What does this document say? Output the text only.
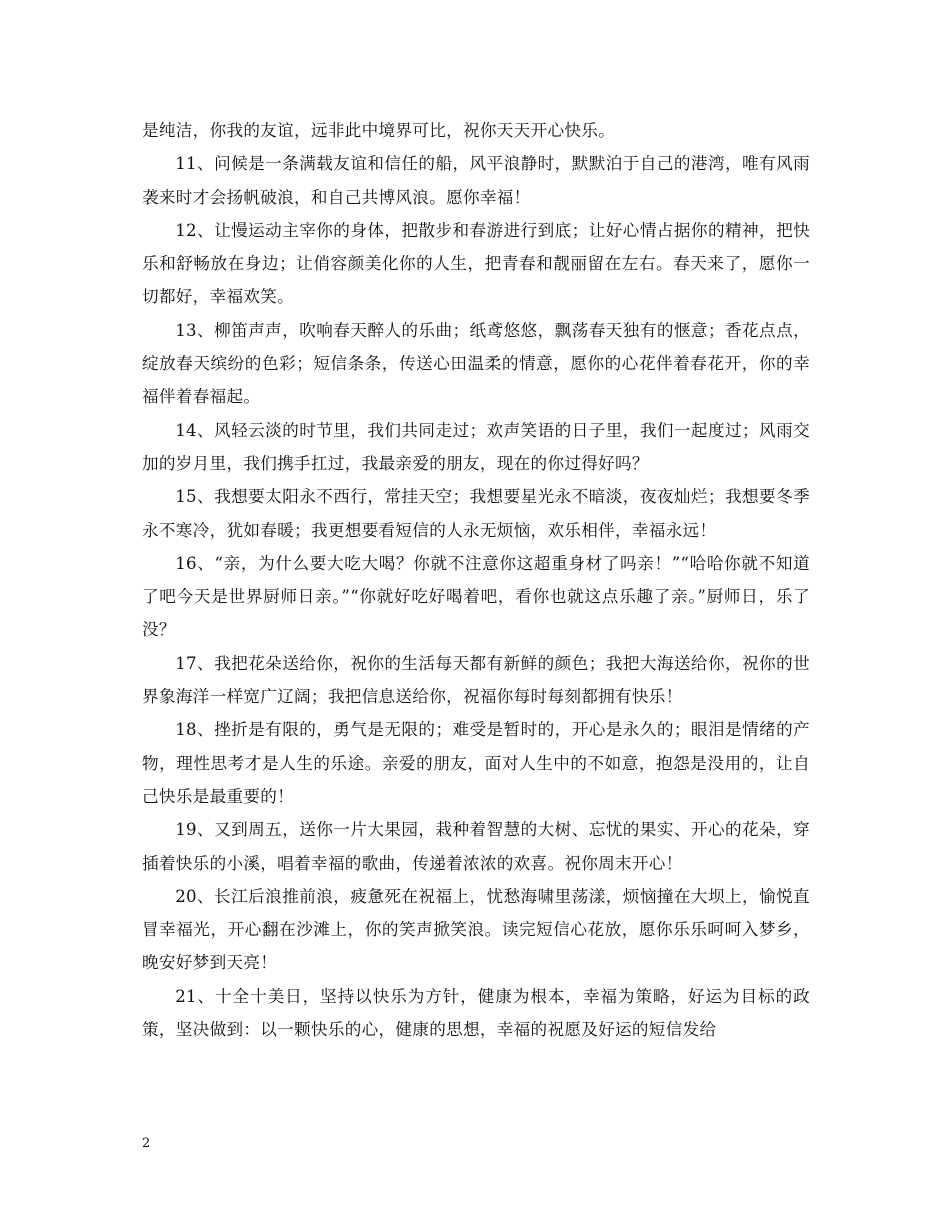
是纯洁，你我的友谊，远非此中境界可比，祝你天天开心快乐。

11、问候是一条满载友谊和信任的船，风平浪静时，默默泊于自己的港湾，唯有风雨袭来时才会扬帆破浪，和自己共博风浪。愿你幸福！

12、让慢运动主宰你的身体，把散步和春游进行到底；让好心情占据你的精神，把快乐和舒畅放在身边；让俏容颜美化你的人生，把青春和靓丽留在左右。春天来了，愿你一切都好，幸福欢笑。

13、柳笛声声，吹响春天醉人的乐曲；纸鸢悠悠，飘荡春天独有的惬意；香花点点，绽放春天缤纷的色彩；短信条条，传送心田温柔的情意，愿你的心花伴着春花开，你的幸福伴着春福起。

14、风轻云淡的时节里，我们共同走过；欢声笑语的日子里，我们一起度过；风雨交加的岁月里，我们携手扛过，我最亲爱的朋友，现在的你过得好吗？

15、我想要太阳永不西行，常挂天空；我想要星光永不暗淡，夜夜灿烂；我想要冬季永不寒冷，犹如春暖；我更想要看短信的人永无烦恼，欢乐相伴，幸福永远！

16、“亲，为什么要大吃大喝？你就不注意你这超重身材了吗亲！”“哈哈你就不知道了吧今天是世界厨师日亲。”“你就好吃好喝着吧，看你也就这点乐趣了亲。”厨师日，乐了没？

17、我把花朵送给你，祝你的生活每天都有新鲜的颜色；我把大海送给你，祝你的世界象海洋一样宽广辽阔；我把信息送给你，祝福你每时每刻都拥有快乐！

18、挫折是有限的，勇气是无限的；难受是暂时的，开心是永久的；眼泪是情绪的产物，理性思考才是人生的乐途。亲爱的朋友，面对人生中的不如意，抱怨是没用的，让自己快乐是最重要的！

19、又到周五，送你一片大果园，栽种着智慧的大树、忘忧的果实、开心的花朵，穿插着快乐的小溪，唱着幸福的歌曲，传递着浓浓的欢喜。祝你周末开心！

20、长江后浪推前浪，疲惫死在祝福上，忧愁海啸里荡漾，烦恼撞在大坝上，愉悦直冒幸福光，开心翻在沙滩上，你的笑声掀笑浪。读完短信心花放，愿你乐乐呵呵入梦乡，晚安好梦到天亮！

21、十全十美日，坚持以快乐为方针，健康为根本，幸福为策略，好运为目标的政策，坚决做到：以一颗快乐的心，健康的思想，幸福的祝愿及好运的短信发给

2
